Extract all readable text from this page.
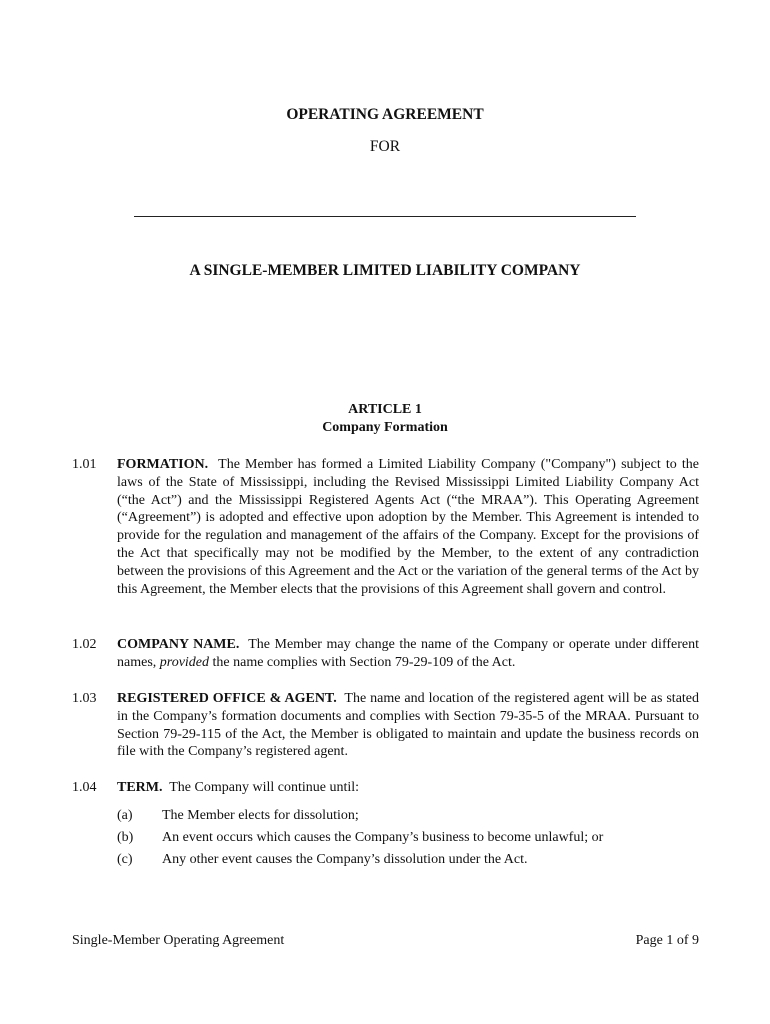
OPERATING AGREEMENT
FOR
A SINGLE-MEMBER LIMITED LIABILITY COMPANY
ARTICLE 1
Company Formation
1.01 FORMATION. The Member has formed a Limited Liability Company ("Company") subject to the laws of the State of Mississippi, including the Revised Mississippi Limited Liability Company Act (“the Act”) and the Mississippi Registered Agents Act (“the MRAA”). This Operating Agreement (“Agreement”) is adopted and effective upon adoption by the Member. This Agreement is intended to provide for the regulation and management of the affairs of the Company. Except for the provisions of the Act that specifically may not be modified by the Member, to the extent of any contradiction between the provisions of this Agreement and the Act or the variation of the general terms of the Act by this Agreement, the Member elects that the provisions of this Agreement shall govern and control.
1.02 COMPANY NAME. The Member may change the name of the Company or operate under different names, provided the name complies with Section 79-29-109 of the Act.
1.03 REGISTERED OFFICE & AGENT. The name and location of the registered agent will be as stated in the Company’s formation documents and complies with Section 79-35-5 of the MRAA. Pursuant to Section 79-29-115 of the Act, the Member is obligated to maintain and update the business records on file with the Company’s registered agent.
1.04 TERM. The Company will continue until:
(a) The Member elects for dissolution;
(b) An event occurs which causes the Company’s business to become unlawful; or
(c) Any other event causes the Company’s dissolution under the Act.
Single-Member Operating Agreement	Page 1 of 9
